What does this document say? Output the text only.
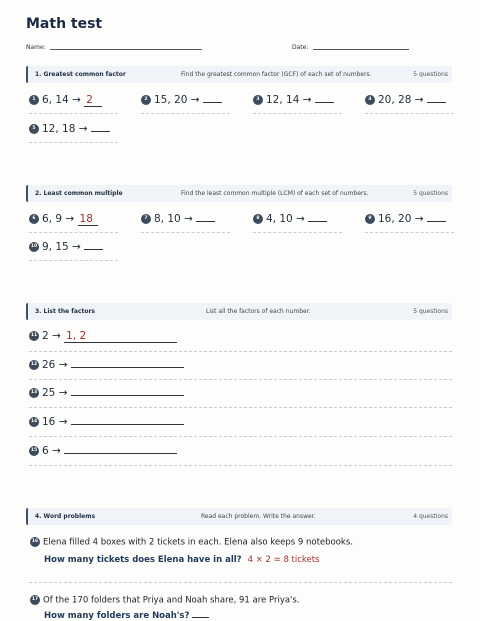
Math test
Name:	Date:
1. Greatest common factor	Find the greatest common factor (GCF) of each set of numbers.	5 questions
1 6, 14 → 2	2 15, 20 →	3 12, 14 →	4 20, 28 →
5 12, 18 →
2. Least common multiple	Find the least common multiple (LCM) of each set of numbers.	5 questions
6 6, 9 → 18	7 8, 10 →	8 4, 10 →	9 16, 20 →
10 9, 15 →
3. List the factors	List all the factors of each number.	5 questions
11 2 → 1, 2
12 26 →
13 25 →
14 16 →
15 6 →
4. Word problems	Read each problem. Write the answer.	4 questions
16 Elena filled 4 boxes with 2 tickets in each. Elena also keeps 9 notebooks.
How many tickets does Elena have in all? 4 × 2 = 8 tickets
17 Of the 170 folders that Priya and Noah share, 91 are Priya's.
How many folders are Noah's?
